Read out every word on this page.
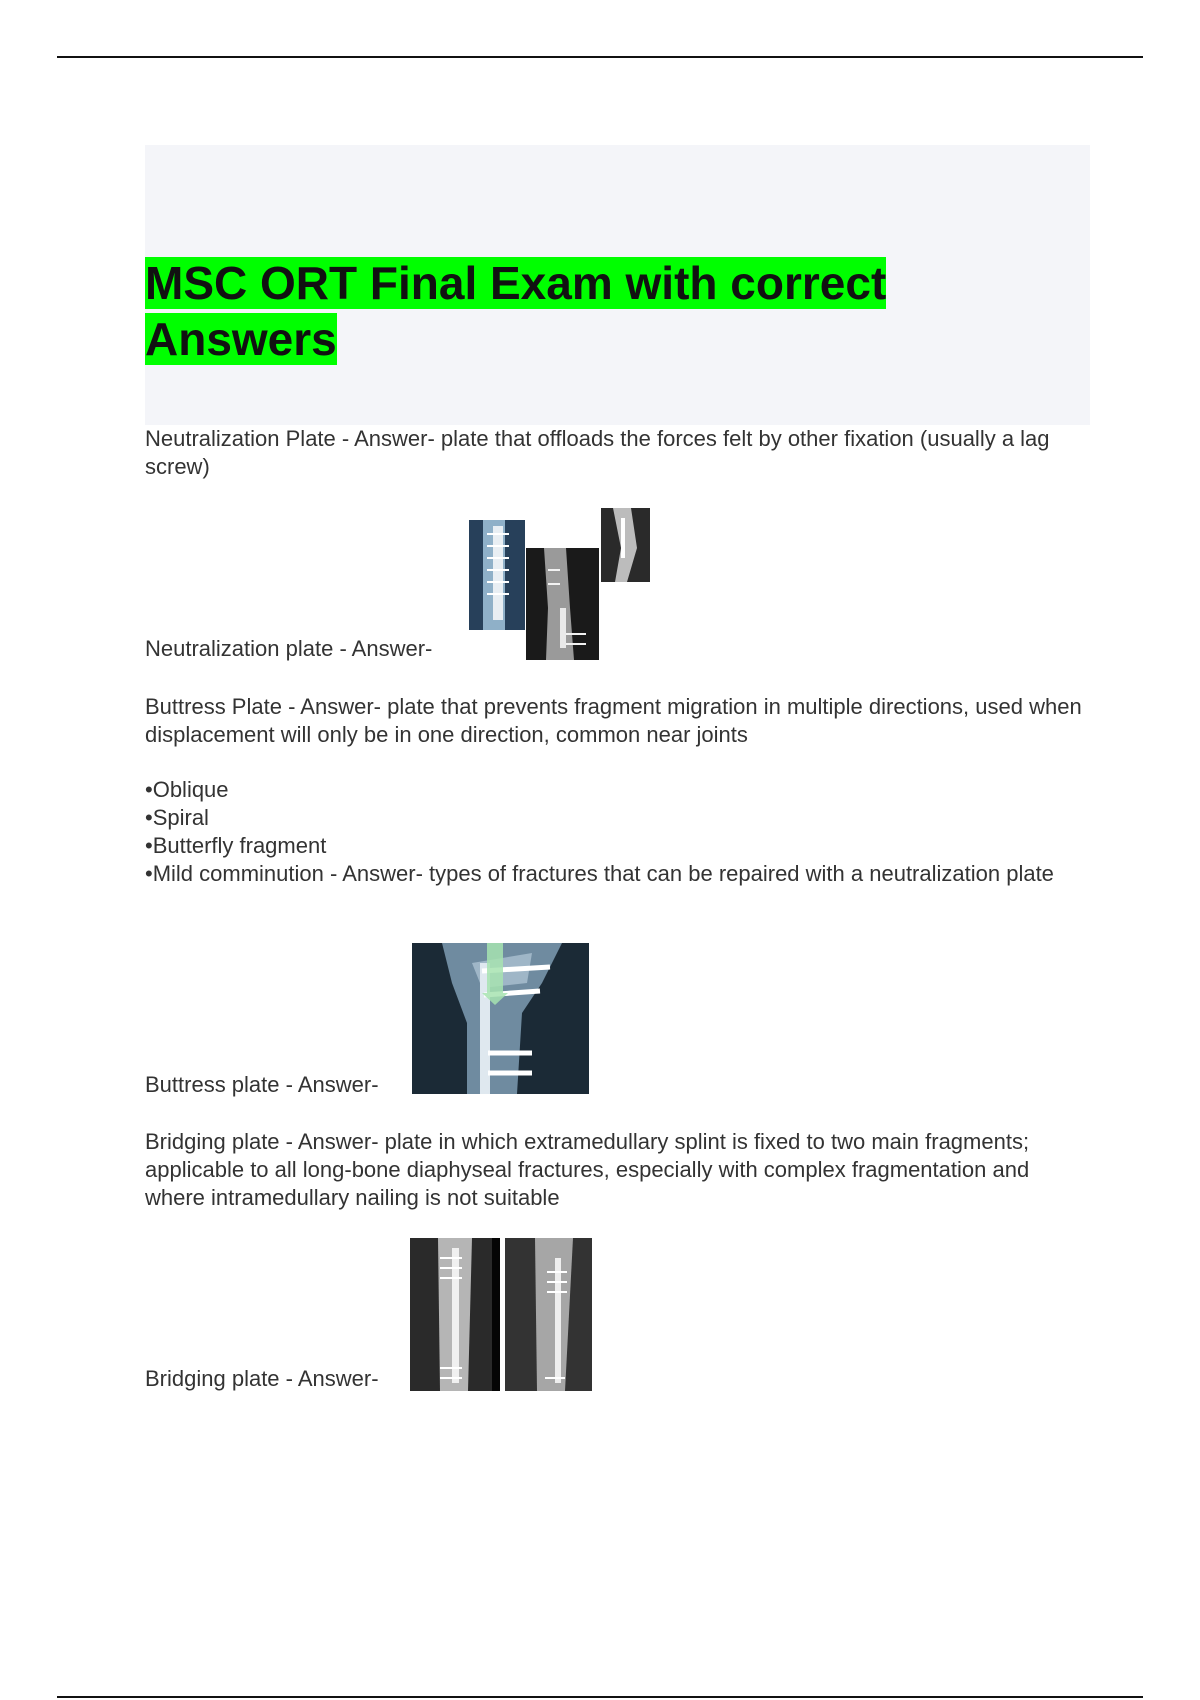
MSC ORT Final Exam with correct
Answers

Neutralization Plate - Answer- plate that offloads the forces felt by other fixation (usually a lag screw)

Neutralization plate - Answer-

Buttress Plate - Answer- plate that prevents fragment migration in multiple directions, used when displacement will only be in one direction, common near joints

•Oblique
•Spiral
•Butterfly fragment
•Mild comminution - Answer- types of fractures that can be repaired with a neutralization plate
Buttress plate - Answer-

Bridging plate - Answer- plate in which extramedullary splint is fixed to two main fragments; applicable to all long-bone diaphyseal fractures, especially with complex fragmentation and where intramedullary nailing is not suitable

Bridging plate - Answer-
